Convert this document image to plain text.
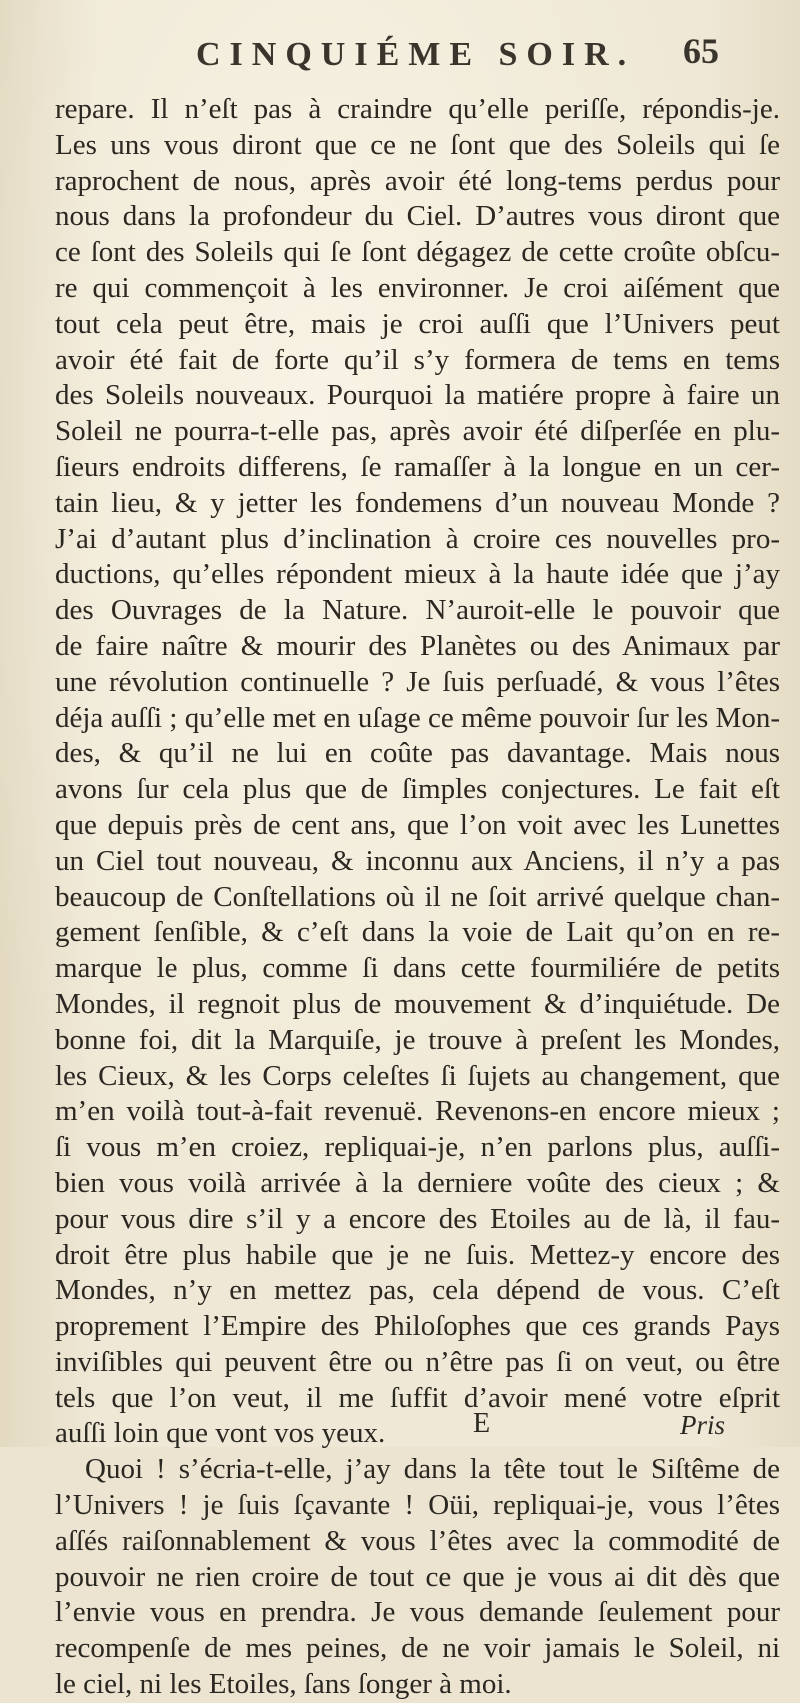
CINQUIÉME SOIR. 65
repare. Il n’eſt pas à craindre qu’elle periſſe, répondis-je.
Les uns vous diront que ce ne ſont que des Soleils qui ſe
raprochent de nous, après avoir été long-tems perdus pour
nous dans la profondeur du Ciel. D’autres vous diront que
ce ſont des Soleils qui ſe ſont dégagez de cette croûte obſcu-
re qui commençoit à les environner. Je croi aiſément que
tout cela peut être, mais je croi auſſi que l’Univers peut
avoir été fait de forte qu’il s’y formera de tems en tems
des Soleils nouveaux. Pourquoi la matiére propre à faire un
Soleil ne pourra-t-elle pas, après avoir été diſperſée en plu-
ſieurs endroits differens, ſe ramaſſer à la longue en un cer-
tain lieu, & y jetter les fondemens d’un nouveau Monde ?
J’ai d’autant plus d’inclination à croire ces nouvelles pro-
ductions, qu’elles répondent mieux à la haute idée que j’ay
des Ouvrages de la Nature. N’auroit-elle le pouvoir que
de faire naître & mourir des Planètes ou des Animaux par
une révolution continuelle ? Je ſuis perſuadé, & vous l’êtes
déja auſſi ; qu’elle met en uſage ce même pouvoir ſur les Mon-
des, & qu’il ne lui en coûte pas davantage. Mais nous
avons ſur cela plus que de ſimples conjectures. Le fait eſt
que depuis près de cent ans, que l’on voit avec les Lunettes
un Ciel tout nouveau, & inconnu aux Anciens, il n’y a pas
beaucoup de Conſtellations où il ne ſoit arrivé quelque chan-
gement ſenſible, & c’eſt dans la voie de Lait qu’on en re-
marque le plus, comme ſi dans cette fourmiliére de petits
Mondes, il regnoit plus de mouvement & d’inquiétude. De
bonne foi, dit la Marquiſe, je trouve à preſent les Mondes,
les Cieux, & les Corps celeſtes ſi ſujets au changement, que
m’en voilà tout-à-fait revenuë. Revenons-en encore mieux ;
ſi vous m’en croiez, repliquai-je, n’en parlons plus, auſſi-
bien vous voilà arrivée à la derniere voûte des cieux ; &
pour vous dire s’il y a encore des Etoiles au de là, il fau-
droit être plus habile que je ne ſuis. Mettez-y encore des
Mondes, n’y en mettez pas, cela dépend de vous. C’eſt
proprement l’Empire des Philoſophes que ces grands Pays
inviſibles qui peuvent être ou n’être pas ſi on veut, ou être
tels que l’on veut, il me ſuffit d’avoir mené votre eſprit
auſſi loin que vont vos yeux.
Quoi ! s’écria-t-elle, j’ay dans la tête tout le Siſtême de
l’Univers ! je ſuis ſçavante ! Oüi, repliquai-je, vous l’êtes
aſſés raiſonnablement & vous l’êtes avec la commodité de
pouvoir ne rien croire de tout ce que je vous ai dit dès que
l’envie vous en prendra. Je vous demande ſeulement pour
recompenſe de mes peines, de ne voir jamais le Soleil, ni
le ciel, ni les Etoiles, ſans ſonger à moi.
E	Pris
